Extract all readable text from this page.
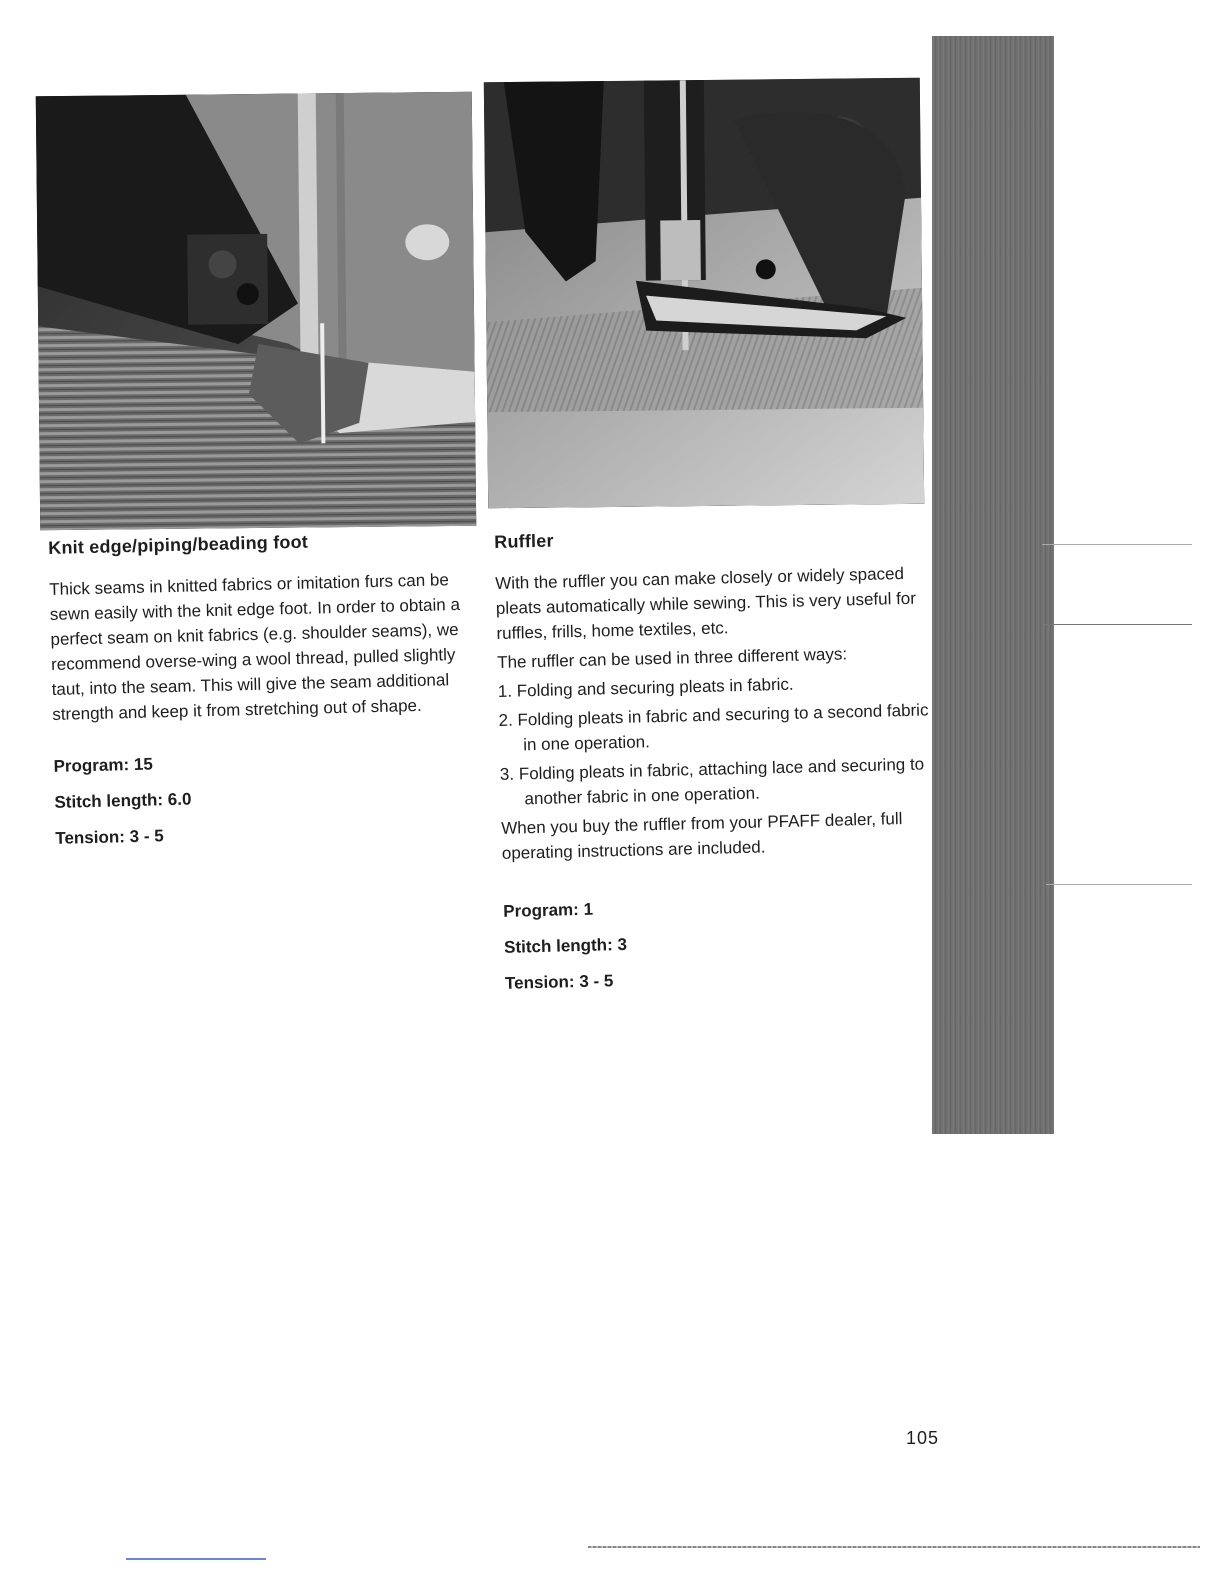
Knit edge/piping/beading foot

Thick seams in knitted fabrics or imitation furs can be sewn easily with the knit edge foot. In order to obtain a perfect seam on knit fabrics (e.g. shoulder seams), we recommend overse-wing a wool thread, pulled slightly taut, into the seam. This will give the seam additional strength and keep it from stretching out of shape.

Program: 15
Stitch length: 6.0
Tension: 3 - 5
Ruffler

With the ruffler you can make closely or widely spaced pleats automatically while sewing. This is very useful for ruffles, frills, home textiles, etc.

The ruffler can be used in three different ways:

1. Folding and securing pleats in fabric.
2. Folding pleats in fabric and securing to a second fabric in one operation.
3. Folding pleats in fabric, attaching lace and securing to another fabric in one operation.

When you buy the ruffler from your PFAFF dealer, full operating instructions are included.

Program: 1
Stitch length: 3
Tension: 3 - 5
105
